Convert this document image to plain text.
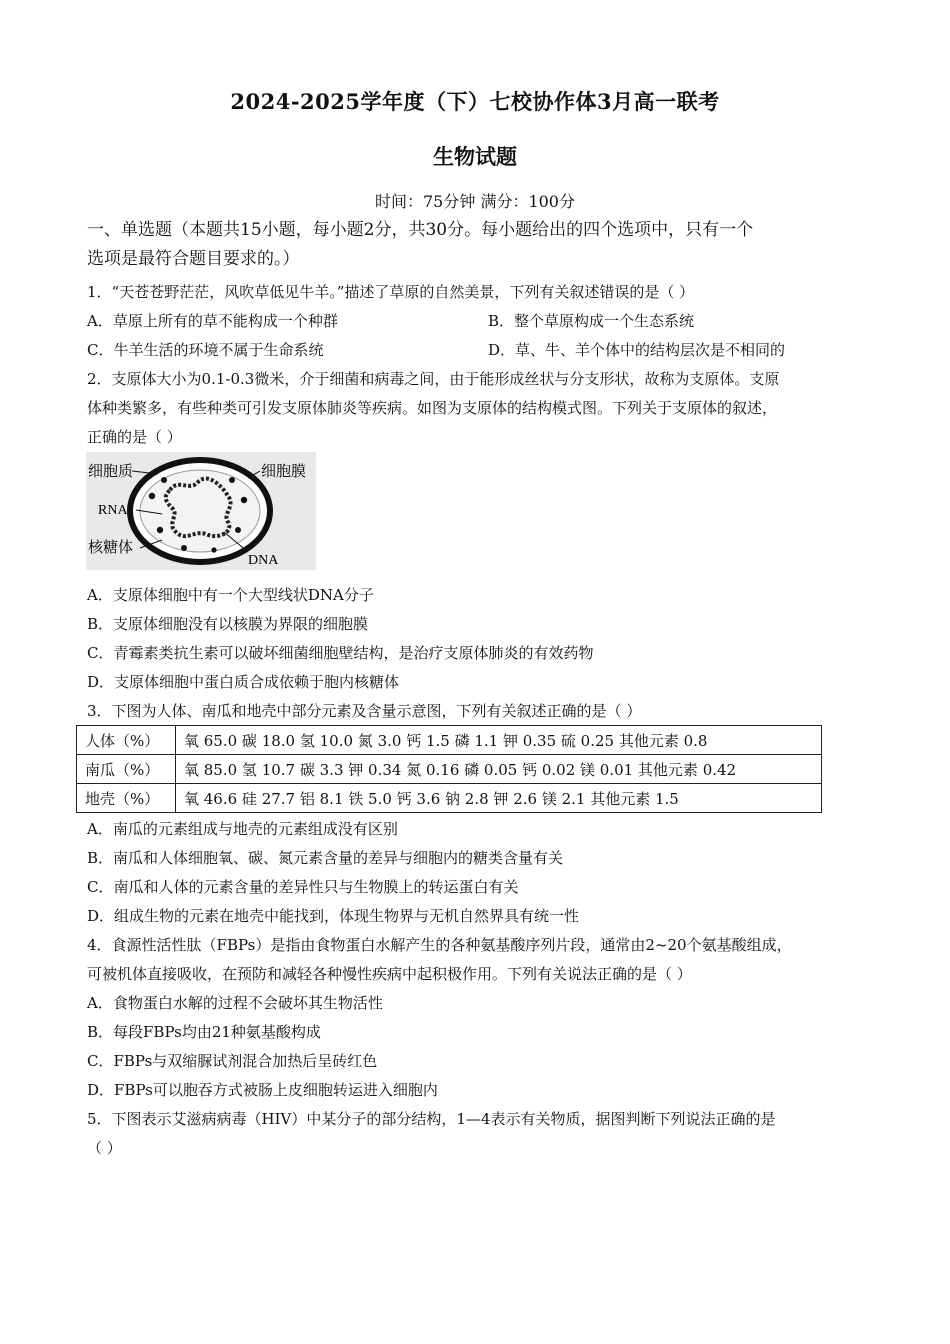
2024-2025学年度（下）七校协作体3月高一联考
生物试题
时间：75分钟 满分：100分
一、单选题（本题共15小题，每小题2分，共30分。每小题给出的四个选项中，只有一个
选项是最符合题目要求的。）
1．“天苍苍野茫茫，风吹草低见牛羊。”描述了草原的自然美景，下列有关叙述错误的是（ ）
A．草原上所有的草不能构成一个种群	B．整个草原构成一个生态系统
C．牛羊生活的环境不属于生命系统	D．草、牛、羊个体中的结构层次是不相同的
2．支原体大小为0.1-0.3微米，介于细菌和病毒之间，由于能形成丝状与分支形状，故称为支原体。支原
体种类繁多，有些种类可引发支原体肺炎等疾病。如图为支原体的结构模式图。下列关于支原体的叙述，
正确的是（ ）
细胞质	细胞膜
RNA
核糖体
DNA
A．支原体细胞中有一个大型线状DNA分子
B．支原体细胞没有以核膜为界限的细胞膜
C．青霉素类抗生素可以破坏细菌细胞壁结构，是治疗支原体肺炎的有效药物
D．支原体细胞中蛋白质合成依赖于胞内核糖体
3．下图为人体、南瓜和地壳中部分元素及含量示意图，下列有关叙述正确的是（ ）
人体（%）	氧 65.0 碳 18.0 氢 10.0 氮 3.0 钙 1.5 磷 1.1 钾 0.35 硫 0.25 其他元素 0.8
南瓜（%）	氧 85.0 氢 10.7 碳 3.3 钾 0.34 氮 0.16 磷 0.05 钙 0.02 镁 0.01 其他元素 0.42
地壳（%）	氧 46.6 硅 27.7 铝 8.1 铁 5.0 钙 3.6 钠 2.8 钾 2.6 镁 2.1 其他元素 1.5
A．南瓜的元素组成与地壳的元素组成没有区别
B．南瓜和人体细胞氧、碳、氮元素含量的差异与细胞内的糖类含量有关
C．南瓜和人体的元素含量的差异性只与生物膜上的转运蛋白有关
D．组成生物的元素在地壳中能找到，体现生物界与无机自然界具有统一性
4．食源性活性肽（FBPs）是指由食物蛋白水解产生的各种氨基酸序列片段，通常由2~20个氨基酸组成，
可被机体直接吸收，在预防和减轻各种慢性疾病中起积极作用。下列有关说法正确的是（ ）
A．食物蛋白水解的过程不会破坏其生物活性
B．每段FBPs均由21种氨基酸构成
C．FBPs与双缩脲试剂混合加热后呈砖红色
D．FBPs可以胞吞方式被肠上皮细胞转运进入细胞内
5．下图表示艾滋病病毒（HIV）中某分子的部分结构，1—4表示有关物质，据图判断下列说法正确的是
（ ）
